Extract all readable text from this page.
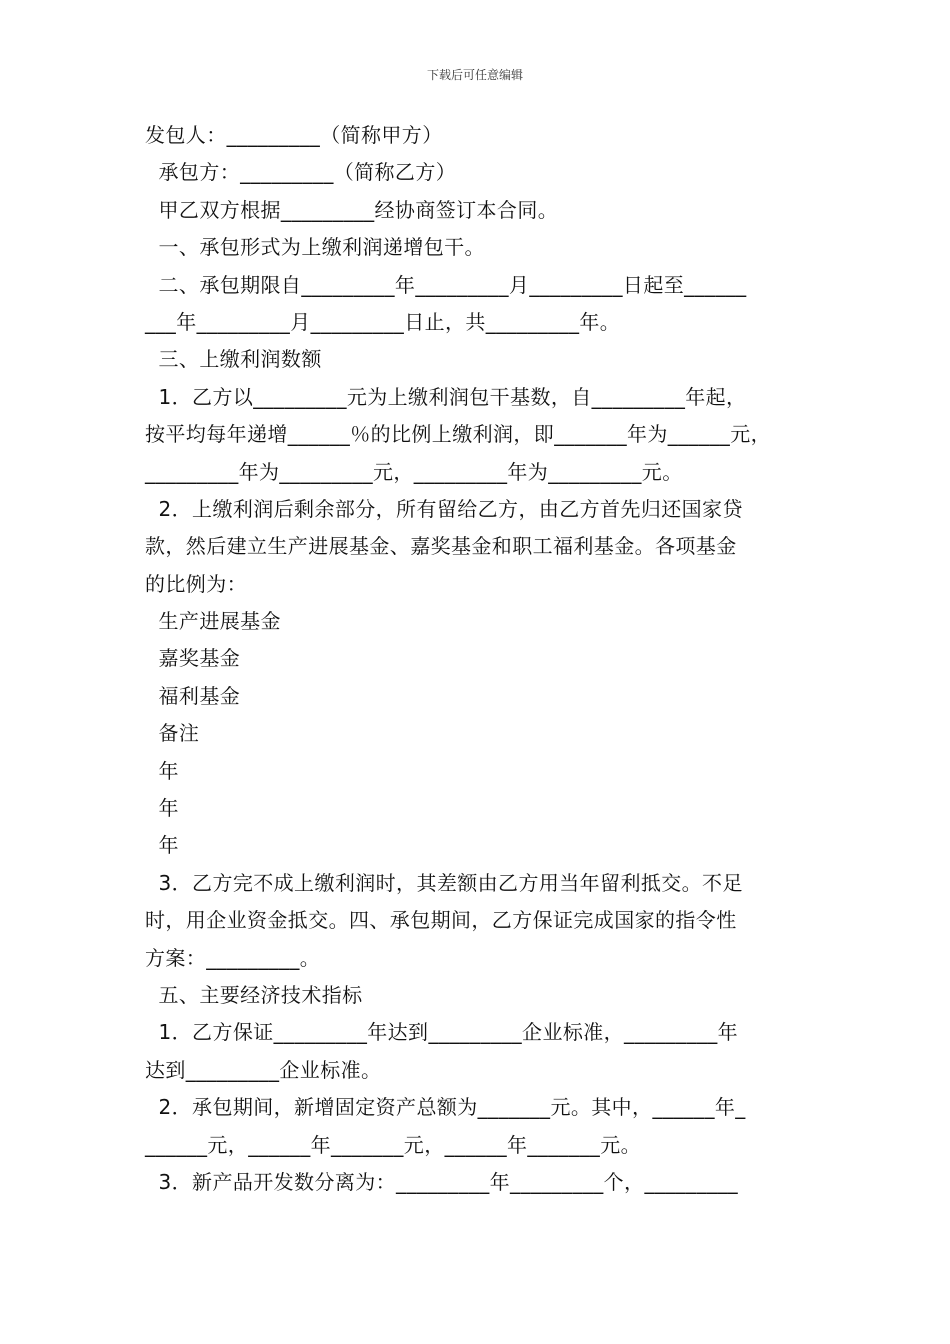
下载后可任意编辑
发包人：_________（简称甲方）
承包方：_________（简称乙方）
甲乙双方根据_________经协商签订本合同。
一、承包形式为上缴利润递增包干。
二、承包期限自_________年_________月_________日起至______
___年_________月_________日止，共_________年。
三、上缴利润数额
1．乙方以_________元为上缴利润包干基数，自_________年起，
按平均每年递增______％的比例上缴利润，即_______年为______元，
_________年为_________元，_________年为_________元。
2．上缴利润后剩余部分，所有留给乙方，由乙方首先归还国家贷
款，然后建立生产进展基金、嘉奖基金和职工福利基金。各项基金
的比例为：
生产进展基金
嘉奖基金
福利基金
备注
年
年
年
3．乙方完不成上缴利润时，其差额由乙方用当年留利抵交。不足
时，用企业资金抵交。四、承包期间，乙方保证完成国家的指令性
方案：_________。
五、主要经济技术指标
1．乙方保证_________年达到_________企业标准，_________年
达到_________企业标准。
2．承包期间，新增固定资产总额为_______元。其中，______年_
______元，______年_______元，______年_______元。
3．新产品开发数分离为：_________年_________个，_________
